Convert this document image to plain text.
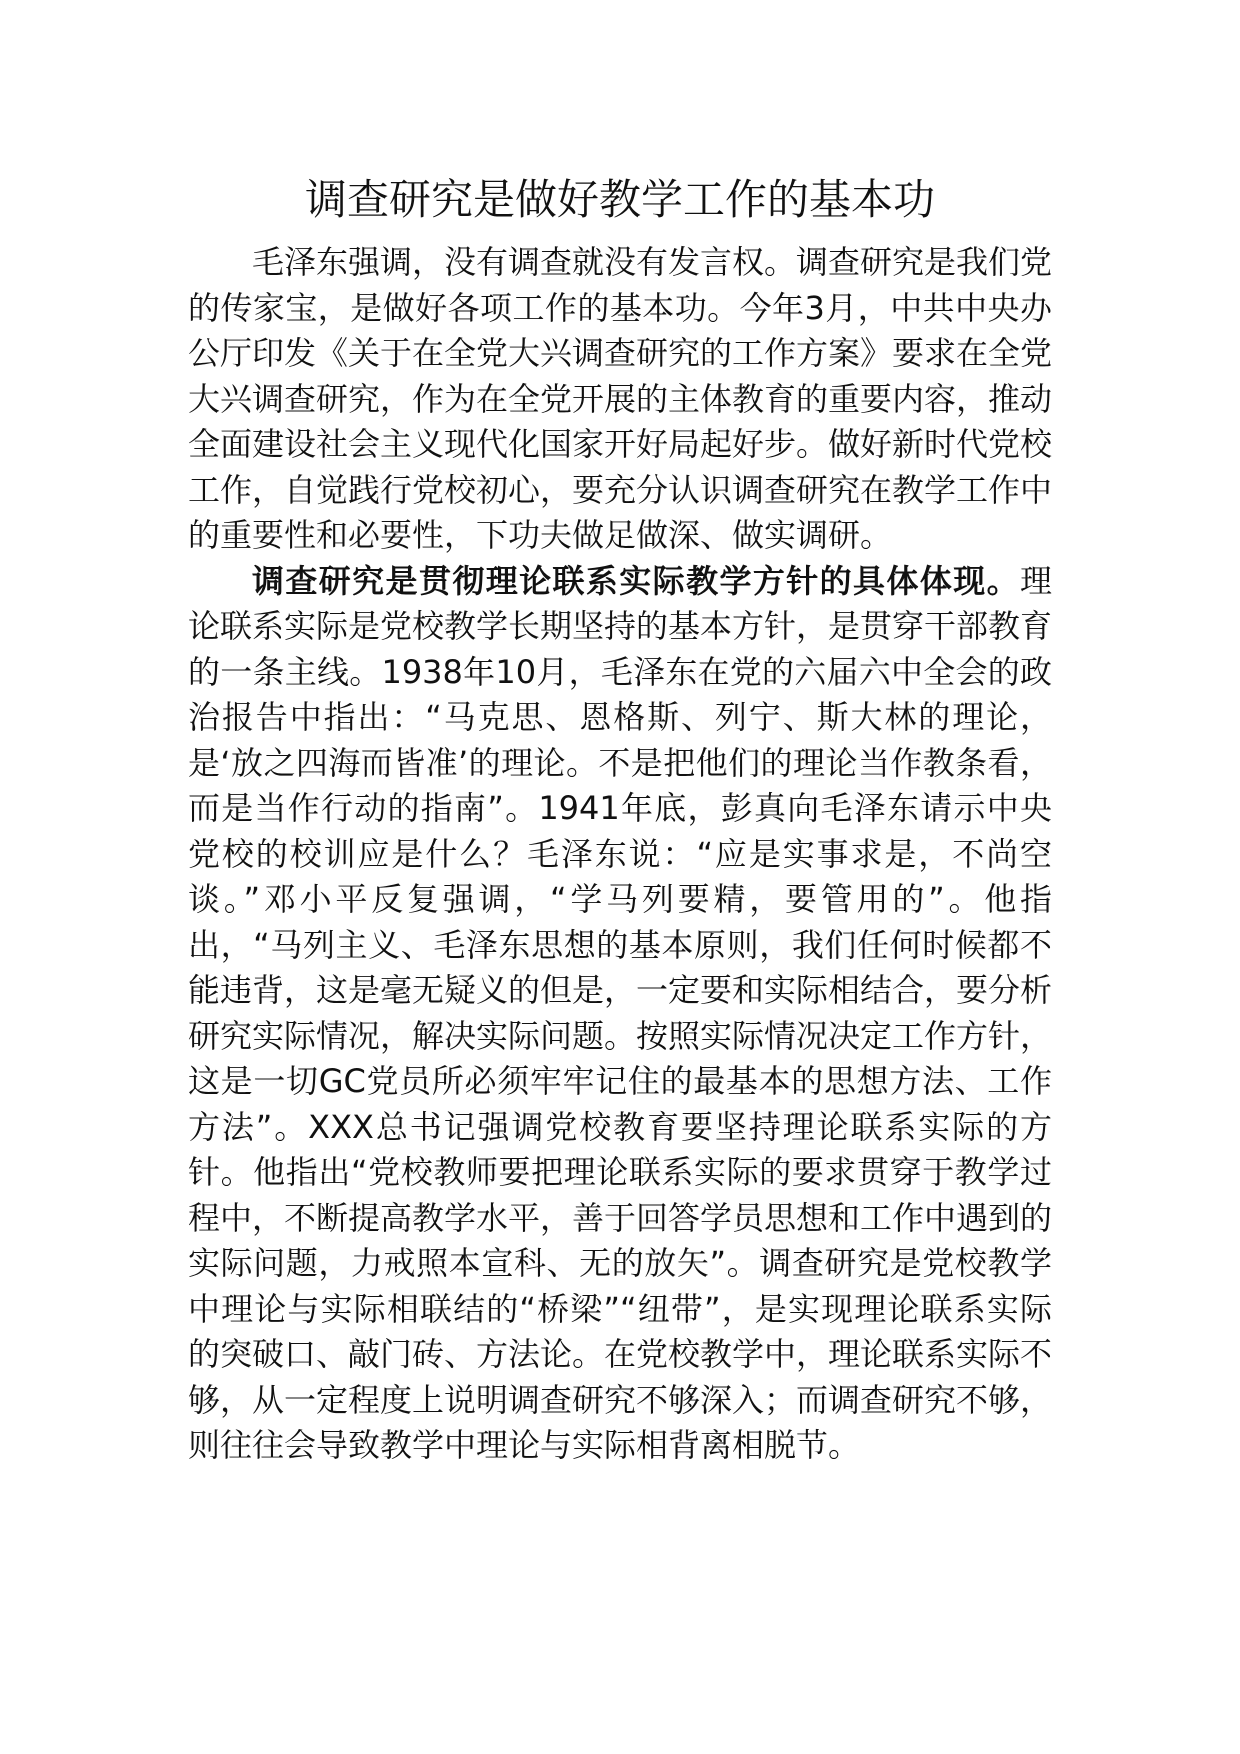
调查研究是做好教学工作的基本功

毛泽东强调，没有调查就没有发言权。调查研究是我们党的传家宝，是做好各项工作的基本功。今年3月，中共中央办公厅印发《关于在全党大兴调查研究的工作方案》要求在全党大兴调查研究，作为在全党开展的主体教育的重要内容，推动全面建设社会主义现代化国家开好局起好步。做好新时代党校工作，自觉践行党校初心，要充分认识调查研究在教学工作中的重要性和必要性，下功夫做足做深、做实调研。

调查研究是贯彻理论联系实际教学方针的具体体现。理论联系实际是党校教学长期坚持的基本方针，是贯穿干部教育的一条主线。1938年10月，毛泽东在党的六届六中全会的政治报告中指出：“马克思、恩格斯、列宁、斯大林的理论，是‘放之四海而皆准’的理论。不是把他们的理论当作教条看，而是当作行动的指南”。1941年底，彭真向毛泽东请示中央党校的校训应是什么？毛泽东说：“应是实事求是，不尚空谈。”邓小平反复强调，“学马列要精，要管用的”。他指出，“马列主义、毛泽东思想的基本原则，我们任何时候都不能违背，这是毫无疑义的但是，一定要和实际相结合，要分析研究实际情况，解决实际问题。按照实际情况决定工作方针，这是一切GC党员所必须牢牢记住的最基本的思想方法、工作方法”。XXX总书记强调党校教育要坚持理论联系实际的方针。他指出“党校教师要把理论联系实际的要求贯穿于教学过程中，不断提高教学水平，善于回答学员思想和工作中遇到的实际问题，力戒照本宣科、无的放矢”。调查研究是党校教学中理论与实际相联结的“桥梁”“纽带”，是实现理论联系实际的突破口、敲门砖、方法论。在党校教学中，理论联系实际不够，从一定程度上说明调查研究不够深入；而调查研究不够，则往往会导致教学中理论与实际相背离相脱节。
